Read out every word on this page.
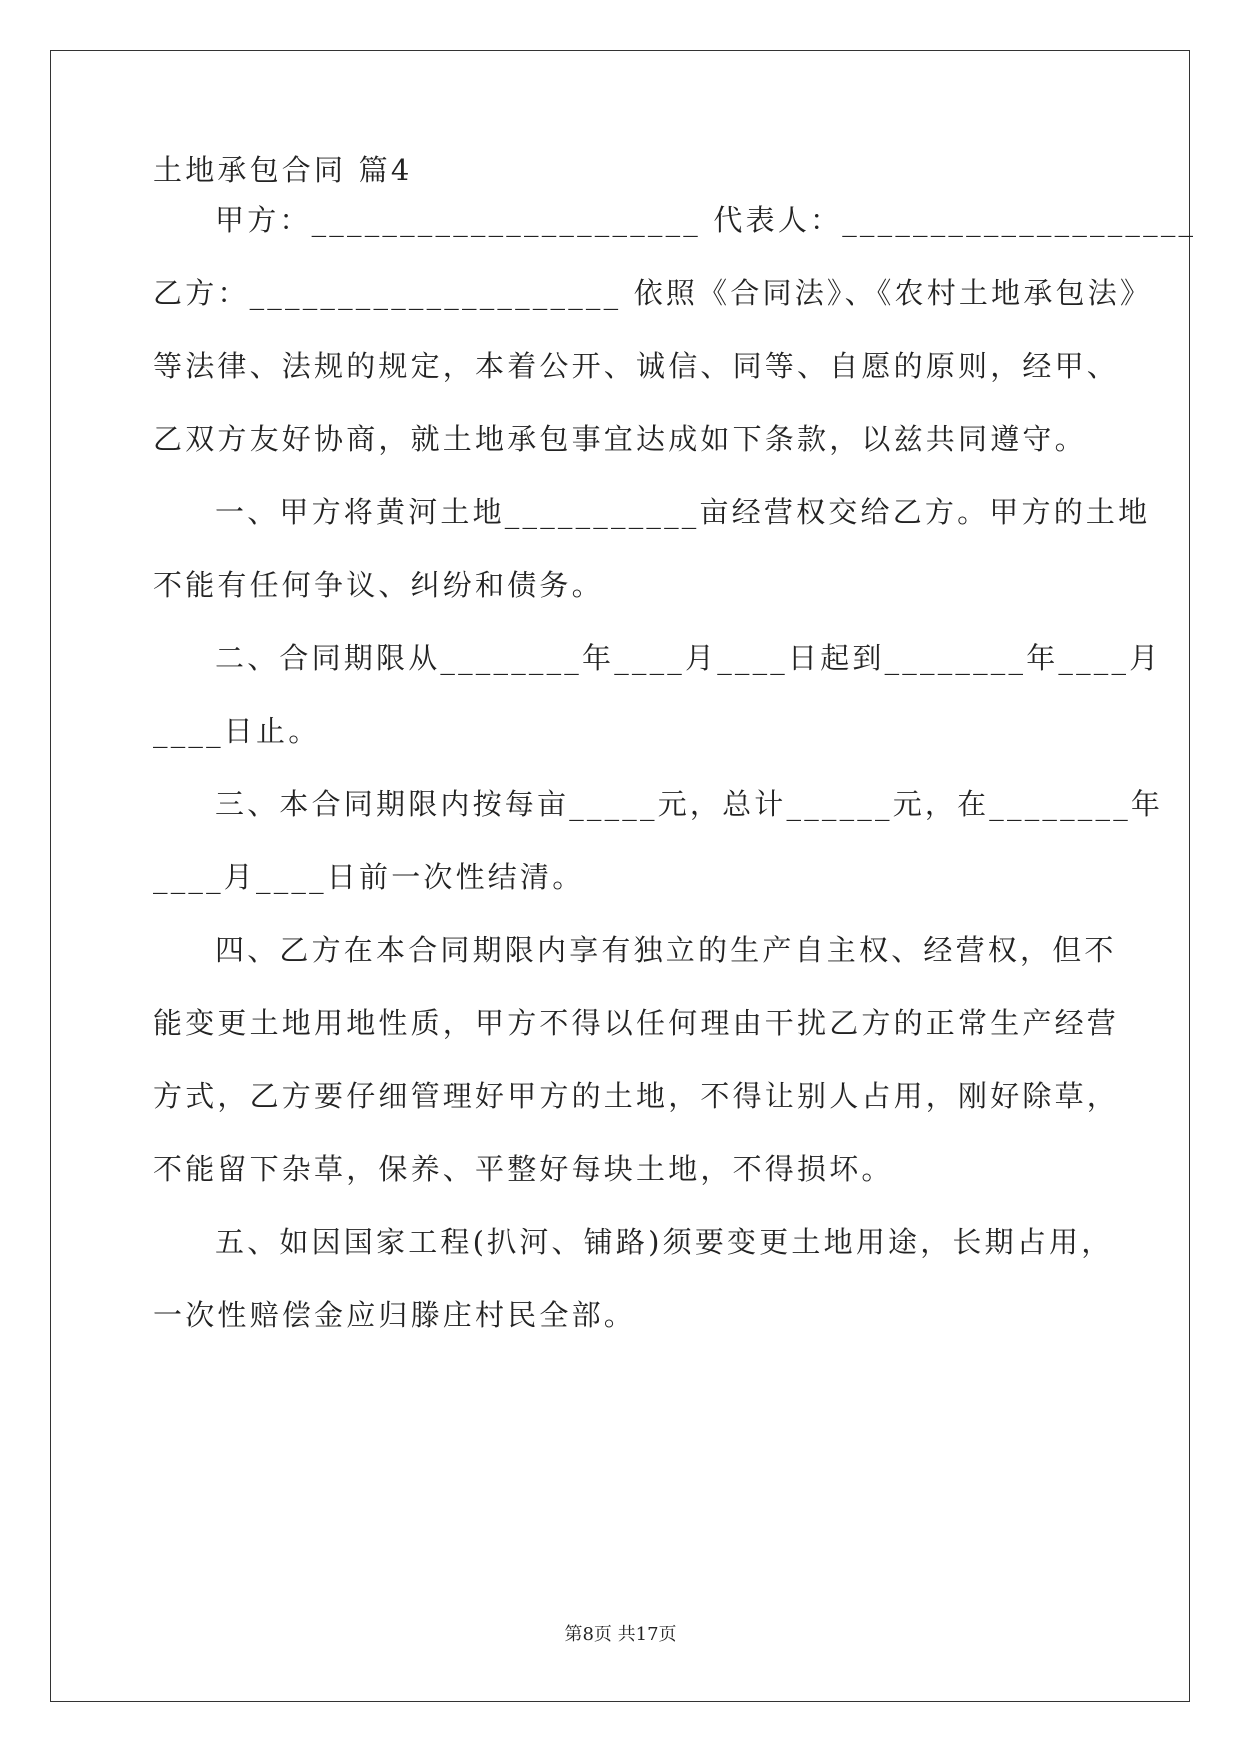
土地承包合同 篇4
甲方：______________________ 代表人：____________________
乙方：_____________________ 依照《合同法》、《农村土地承包法》
等法律、法规的规定，本着公开、诚信、同等、自愿的原则，经甲、
乙双方友好协商，就土地承包事宜达成如下条款，以兹共同遵守。
一、甲方将黄河土地___________亩经营权交给乙方。甲方的土地
不能有任何争议、纠纷和债务。
二、合同期限从________年____月____日起到________年____月
____日止。
三、本合同期限内按每亩_____元，总计______元，在________年
____月____日前一次性结清。
四、乙方在本合同期限内享有独立的生产自主权、经营权，但不
能变更土地用地性质，甲方不得以任何理由干扰乙方的正常生产经营
方式，乙方要仔细管理好甲方的土地，不得让别人占用，刚好除草，
不能留下杂草，保养、平整好每块土地，不得损坏。
五、如因国家工程(扒河、铺路)须要变更土地用途，长期占用，
一次性赔偿金应归滕庄村民全部。
第8页 共17页
